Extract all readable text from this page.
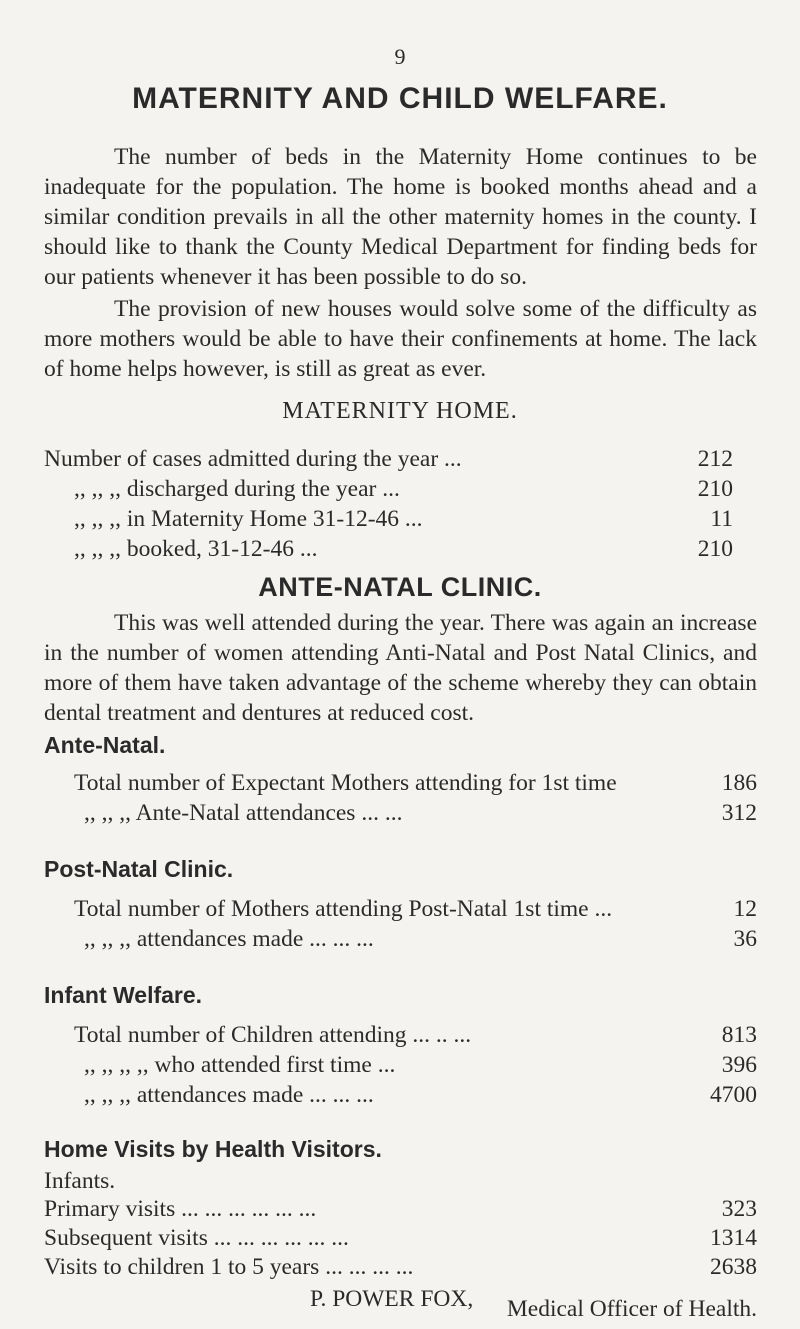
9
MATERNITY AND CHILD WELFARE.

The number of beds in the Maternity Home continues to be inadequate for the population. The home is booked months ahead and a similar condition prevails in all the other maternity homes in the county. I should like to thank the County Medical Department for finding beds for our patients whenever it has been possible to do so.

The provision of new houses would solve some of the difficulty as more mothers would be able to have their confinements at home. The lack of home helps however, is still as great as ever.

MATERNITY HOME.
Number of cases admitted during the year ...	212
,, ,, ,, discharged during the year ...	210
,, ,, ,, in Maternity Home 31-12-46 ...	11
,, ,, ,, booked, 31-12-46 ...	210
ANTE-NATAL CLINIC.

This was well attended during the year. There was again an increase in the number of women attending Anti-Natal and Post Natal Clinics, and more of them have taken advantage of the scheme whereby they can obtain dental treatment and dentures at reduced cost.

Ante-Natal.
Total number of Expectant Mothers attending for 1st time	186
,, ,, ,, Ante-Natal attendances ... ...	312
Post-Natal Clinic.
Total number of Mothers attending Post-Natal 1st time ...	12
,, ,, ,, attendances made ... ... ...	36
Infant Welfare.
Total number of Children attending ... .. ...	813
,, ,, ,, ,, who attended first time ...	396
,, ,, ,, attendances made ... ... ...	4700
Home Visits by Health Visitors.
Infants.
Primary visits ... ... ... ... ... ...	323
Subsequent visits ... ... ... ... ... ...	1314
Visits to children 1 to 5 years ... ... ... ...	2638
P. POWER FOX,	Medical Officer of Health.
